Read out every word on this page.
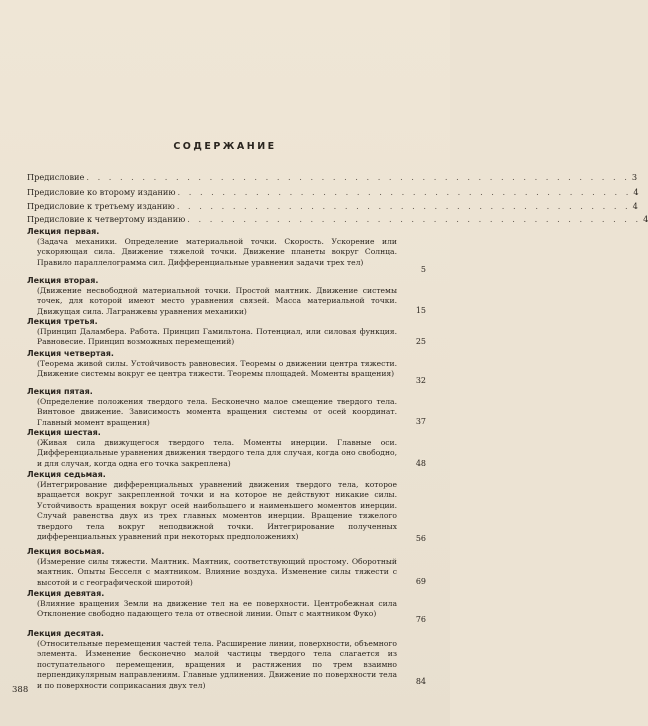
СОДЕРЖАНИЕ
Предисловие . . . . . . . . . . . . . . . . . . . . . . . . . . . . . . . . . . . . . . . . . . . . . . . . . 3
Предисловие ко второму изданию . . . . . . . . . . . . . . . . . . . . . . . . . . . . . . . . . . . . . . . . . 4
Предисловие к третьему изданию . . . . . . . . . . . . . . . . . . . . . . . . . . . . . . . . . . . . . . . . . 4
Предисловие к четвертому изданию . . . . . . . . . . . . . . . . . . . . . . . . . . . . . . . . . . . . . . . . . 4
Лекция первая.
(Задача механики. Определение материальной точки. Скорость. Ускорение или ускоряющая сила. Движение тяжелой точки. Движение планеты вокруг Солнца. Правило параллелограмма сил. Дифференциальные уравнения задачи трех тел)
5
Лекция вторая.
(Движение несвободной материальной точки. Простой маятник. Движение системы точек, для которой имеют место уравнения связей. Масса материальной точки. Движущая сила. Лагранжевы уравнения механики)	15
Лекция третья.
(Принцип Даламбера. Работа. Принцип Гамильтона. Потенциал, или силовая функция. Равновесие. Принцип возможных перемещений)	25
Лекция четвертая.
(Теорема живой силы. Устойчивость равновесия. Теоремы о движении центра тяжести. Движение системы вокруг ее центра тяжести. Теоремы площадей. Моменты вращения)
32
Лекция пятая.
(Определение положения твердого тела. Бесконечно малое смещение твердого тела. Винтовое движение. Зависимость момента вращения системы от осей координат. Главный момент вращения)	37
Лекция шестая.
(Живая сила движущегося твердого тела. Моменты инерции. Главные оси. Дифференциальные уравнения движения твердого тела для случая, когда оно свободно, и для случая, когда одна его точка закреплена)	48
Лекция седьмая.
(Интегрирование дифференциальных уравнений движения твердого тела, которое вращается вокруг закрепленной точки и на которое не действуют никакие силы. Устойчивость вращения вокруг осей наибольшего и наименьшего моментов инерции. Случай равенства двух из трех главных моментов инерции. Вращение тяжелого твердого тела вокруг неподвижной точки. Интегрирование полученных дифференциальных уравнений при некоторых предположениях)	56
Лекция восьмая.
(Измерение силы тяжести. Маятник. Маятник, соответствующий простому. Оборотный маятник. Опыты Бесселя с маятником. Влияние воздуха. Изменение силы тяжести с высотой и с географической широтой)	69
Лекция девятая.
(Влияние вращения Земли на движение тел на ее поверхности. Центробежная сила Отклонение свободно падающего тела от отвесной линии. Опыт с маятником Фуко)
76
Лекция десятая.
(Относительные перемещения частей тела. Расширение линии, поверхности, объемного элемента. Изменение бесконечно малой частицы твердого тела слагается из поступательного перемещения, вращения и растяжения по трем взаимно перпендикулярным направлениям. Главные удлинения. Движение по поверхности тела и по поверхности соприкасания двух тел)	84
388
